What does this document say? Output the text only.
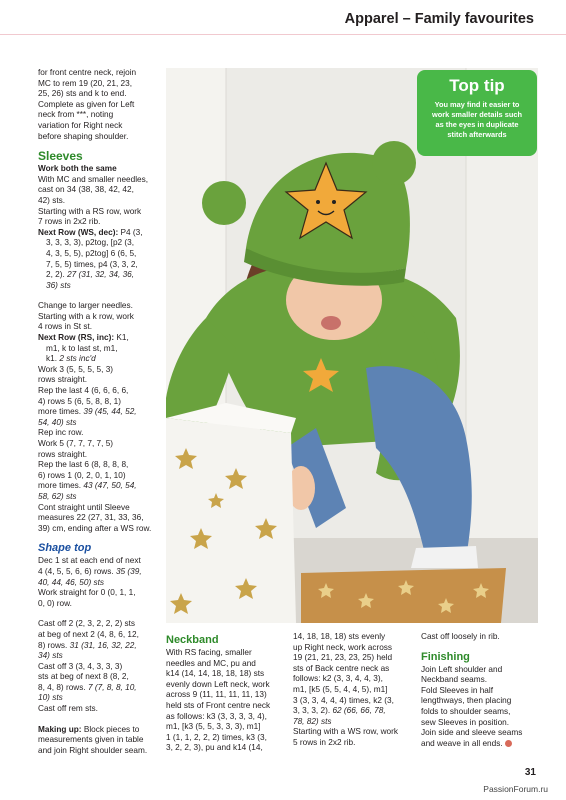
Apparel – Family favourites

for front centre neck, rejoin

MC to rem 19 (20, 21, 23,

25, 26) sts and k to end.

Complete as given for Left

neck from ***, noting

variation for Right neck

before shaping shoulder.

Sleeves

Work both the same

With MC and smaller needles,

cast on 34 (38, 38, 42, 42,

42) sts.

Starting with a RS row, work

7 rows in 2x2 rib.

Next Row (WS, dec): P4 (3,

3, 3, 3, 3), p2tog, [p2 (3,

4, 3, 5, 5), p2tog] 6 (6, 5,

7, 5, 5) times, p4 (3, 3, 2,

2, 2). 27 (31, 32, 34, 36,

36) sts

Change to larger needles.

Starting with a k row, work

4 rows in St st.

Next Row (RS, inc): K1,

m1, k to last st, m1,

k1. 2 sts inc'd

Work 3 (5, 5, 5, 5, 3)

rows straight.

Rep the last 4 (6, 6, 6, 6,

4) rows 5 (6, 5, 8, 8, 1)

more times. 39 (45, 44, 52,

54, 40) sts

Rep inc row.

Work 5 (7, 7, 7, 7, 5)

rows straight.

Rep the last 6 (8, 8, 8, 8,

6) rows 1 (0, 2, 0, 1, 10)

more times. 43 (47, 50, 54,

58, 62) sts

Cont straight until Sleeve

measures 22 (27, 31, 33, 36,

39) cm, ending after a WS row.

Shape top

Dec 1 st at each end of next

4 (4, 5, 5, 6, 6) rows. 35 (39,

40, 44, 46, 50) sts

Work straight for 0 (0, 1, 1,

0, 0) row.

Cast off 2 (2, 3, 2, 2, 2) sts

at beg of next 2 (4, 8, 6, 12,

8) rows. 31 (31, 16, 32, 22,

34) sts

Cast off 3 (3, 4, 3, 3, 3)

sts at beg of next 8 (8, 2,

8, 4, 8) rows. 7 (7, 8, 8, 10,

10) sts

Cast off rem sts.

Making up: Block pieces to

measurements given in table

and join Right shoulder seam.

Top tip

You may find it easier to
work smaller details such
as the eyes in duplicate
stitch afterwards
Neckband

With RS facing, smaller

needles and MC, pu and

k14 (14, 14, 18, 18, 18) sts

evenly down Left neck, work

across 9 (11, 11, 11, 11, 13)

held sts of Front centre neck

as follows: k3 (3, 3, 3, 3, 4),

m1, [k3 (5, 5, 3, 3, 3), m1]

1 (1, 1, 2, 2, 2) times, k3 (3,

3, 2, 2, 3), pu and k14 (14,

14, 18, 18, 18) sts evenly

up Right neck, work across

19 (21, 21, 23, 23, 25) held

sts of Back centre neck as

follows: k2 (3, 3, 4, 4, 3),

m1, [k5 (5, 5, 4, 4, 5), m1]

3 (3, 3, 4, 4, 4) times, k2 (3,

3, 3, 3, 2). 62 (66, 66, 78,

78, 82) sts

Starting with a WS row, work

5 rows in 2x2 rib.

Cast off loosely in rib.

Finishing

Join Left shoulder and

Neckband seams.

Fold Sleeves in half

lengthways, then placing

folds to shoulder seams,

sew Sleeves in position.

Join side and sleeve seams

and weave in all ends.

31
PassionForum.ru
